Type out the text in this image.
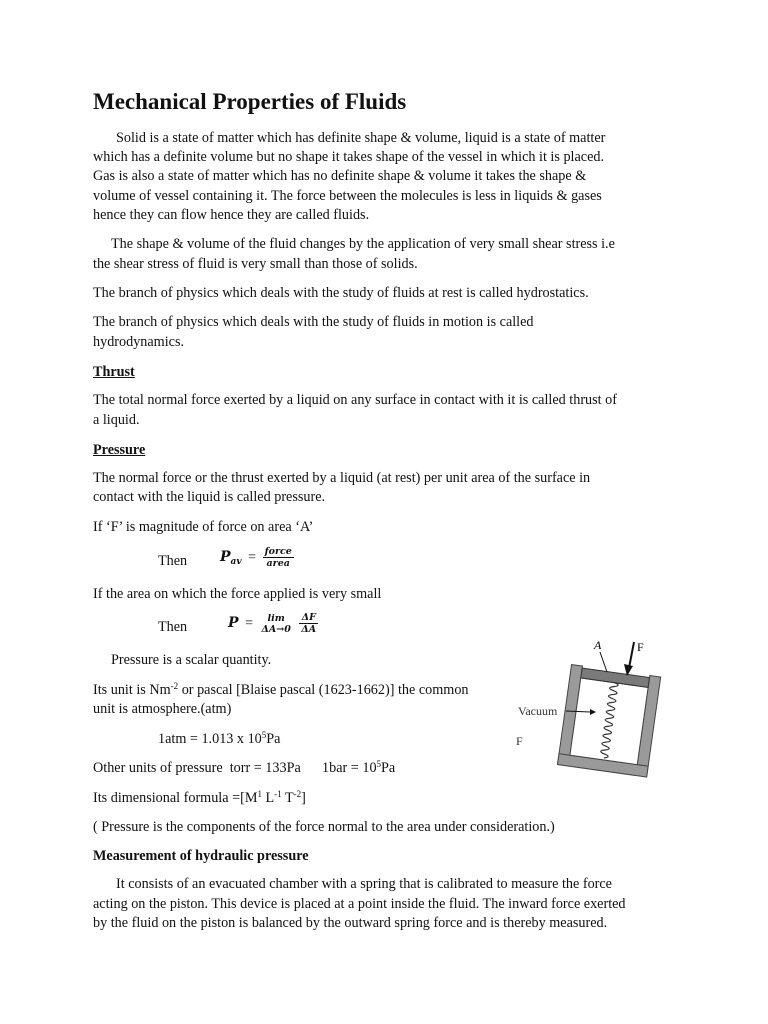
Mechanical Properties of Fluids
Solid is a state of matter which has definite shape & volume, liquid is a state of matter
which has a definite volume but no shape it takes shape of the vessel in which it is placed.
Gas is also a state of matter which has no definite shape & volume it takes the shape &
volume of vessel containing it. The force between the molecules is less in liquids & gases
hence they can flow hence they are called fluids.
The shape & volume of the fluid changes by the application of very small shear stress i.e
the shear stress of fluid is very small than those of solids.
The branch of physics which deals with the study of fluids at rest is called hydrostatics.
The branch of physics which deals with the study of fluids in motion is called
hydrodynamics.
Thrust
The total normal force exerted by a liquid on any surface in contact with it is called thrust of
a liquid.
Pressure
The normal force or the thrust exerted by a liquid (at rest) per unit area of the surface in
contact with the liquid is called pressure.
If ‘F’ is magnitude of force on area ‘A’
Then $P_{av} = \frac{\text{force}}{\text{area}}$
If the area on which the force applied is very small
Then	P =	lim
ΔA→0
$\frac{\Delta F}{\Delta A}$
Pressure is a scalar quantity.
Its unit is $Nm^{-2}$ or pascal [Blaise pascal (1623-1662)] the common
unit is atmosphere.(atm)
1atm = 1.013 x $10^5Pa$
Other units of pressure  torr = 133Pa      $1bar = 10^5Pa$
Its dimensional formula $=[M^1$ $L^{-1}$ $T^{-2}$]
( Pressure is the components of the force normal to the area under consideration.)
Measurement of hydraulic pressure
It consists of an evacuated chamber with a spring that is calibrated to measure the force
acting on the piston. This device is placed at a point inside the fluid. The inward force exerted
by the fluid on the piston is balanced by the outward spring force and is thereby measured.
A	F
Vacuum
F
